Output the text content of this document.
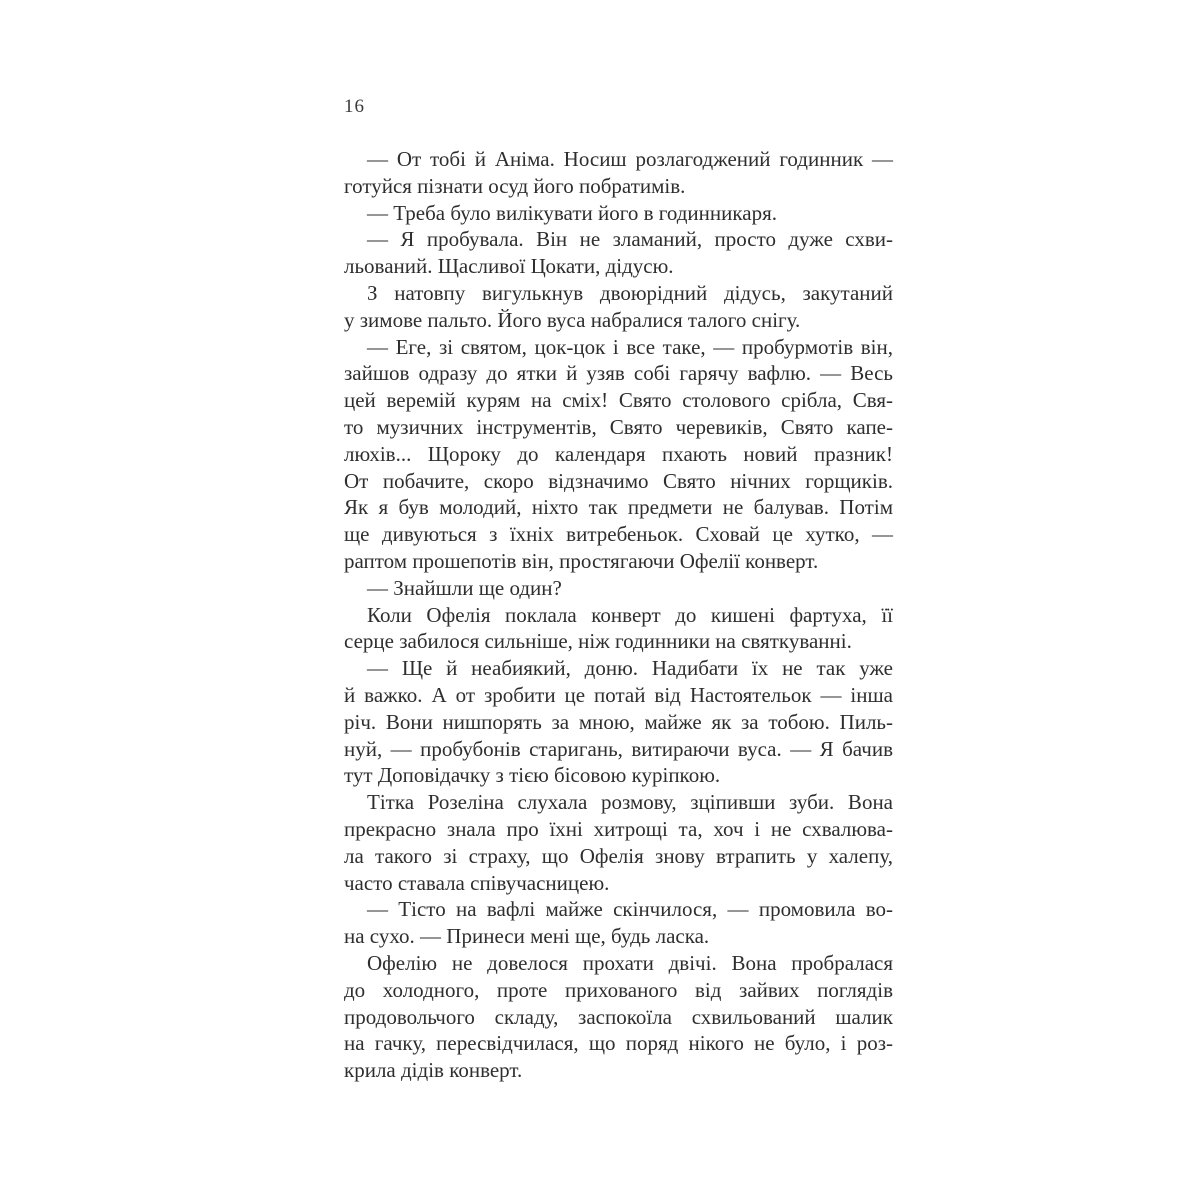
16
— От тобі й Аніма. Носиш розлагоджений годинник —
готуйся пізнати осуд його побратимів.
— Треба було вилікувати його в годинникаря.
— Я пробувала. Він не зламаний, просто дуже схви-
льований. Щасливої Цокати, дідусю.
З натовпу вигулькнув двоюрідний дідусь, закутаний
у зимове пальто. Його вуса набралися талого снігу.
— Еге, зі святом, цок-цок і все таке, — пробурмотів він,
зайшов одразу до ятки й узяв собі гарячу вафлю. — Весь
цей веремій курям на сміх! Свято столового срібла, Свя-
то музичних інструментів, Свято черевиків, Свято капе-
люхів... Щороку до календаря пхають новий празник!
От побачите, скоро відзначимо Свято нічних горщиків.
Як я був молодий, ніхто так предмети не балував. Потім
ще дивуються з їхніх витребеньок. Сховай це хутко, —
раптом прошепотів він, простягаючи Офелії конверт.
— Знайшли ще один?
Коли Офелія поклала конверт до кишені фартуха, її
серце забилося сильніше, ніж годинники на святкуванні.
— Ще й неабиякий, доню. Надибати їх не так уже
й важко. А от зробити це потай від Настоятельок — інша
річ. Вони нишпорять за мною, майже як за тобою. Пиль-
нуй, — пробубонів старигань, витираючи вуса. — Я бачив
тут Доповідачку з тією бісовою куріпкою.
Тітка Розеліна слухала розмову, зціпивши зуби. Вона
прекрасно знала про їхні хитрощі та, хоч і не схвалюва-
ла такого зі страху, що Офелія знову втрапить у халепу,
часто ставала співучасницею.
— Тісто на вафлі майже скінчилося, — промовила во-
на сухо. — Принеси мені ще, будь ласка.
Офелію не довелося прохати двічі. Вона пробралася
до холодного, проте прихованого від зайвих поглядів
продовольчого складу, заспокоїла схвильований шалик
на гачку, пересвідчилася, що поряд нікого не було, і роз-
крила дідів конверт.
